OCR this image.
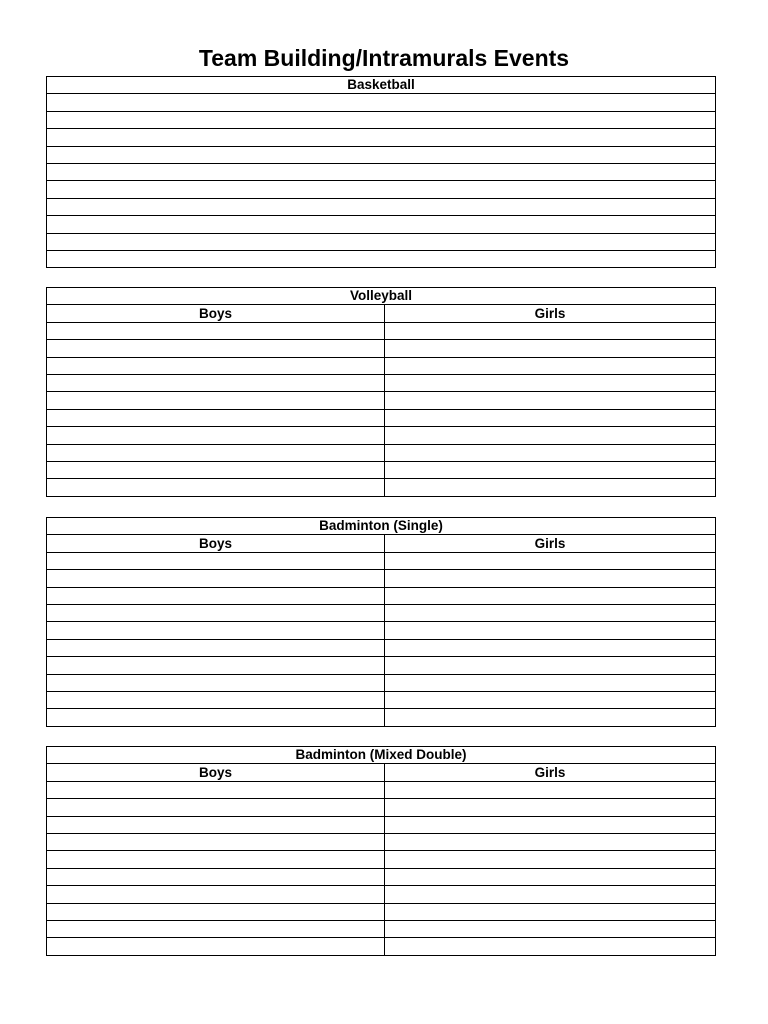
Team Building/Intramurals Events
Basketball

Volleyball	
Boys	Girls

Badminton (Single)	
Boys	Girls

Badminton (Mixed Double)	
Boys	Girls
